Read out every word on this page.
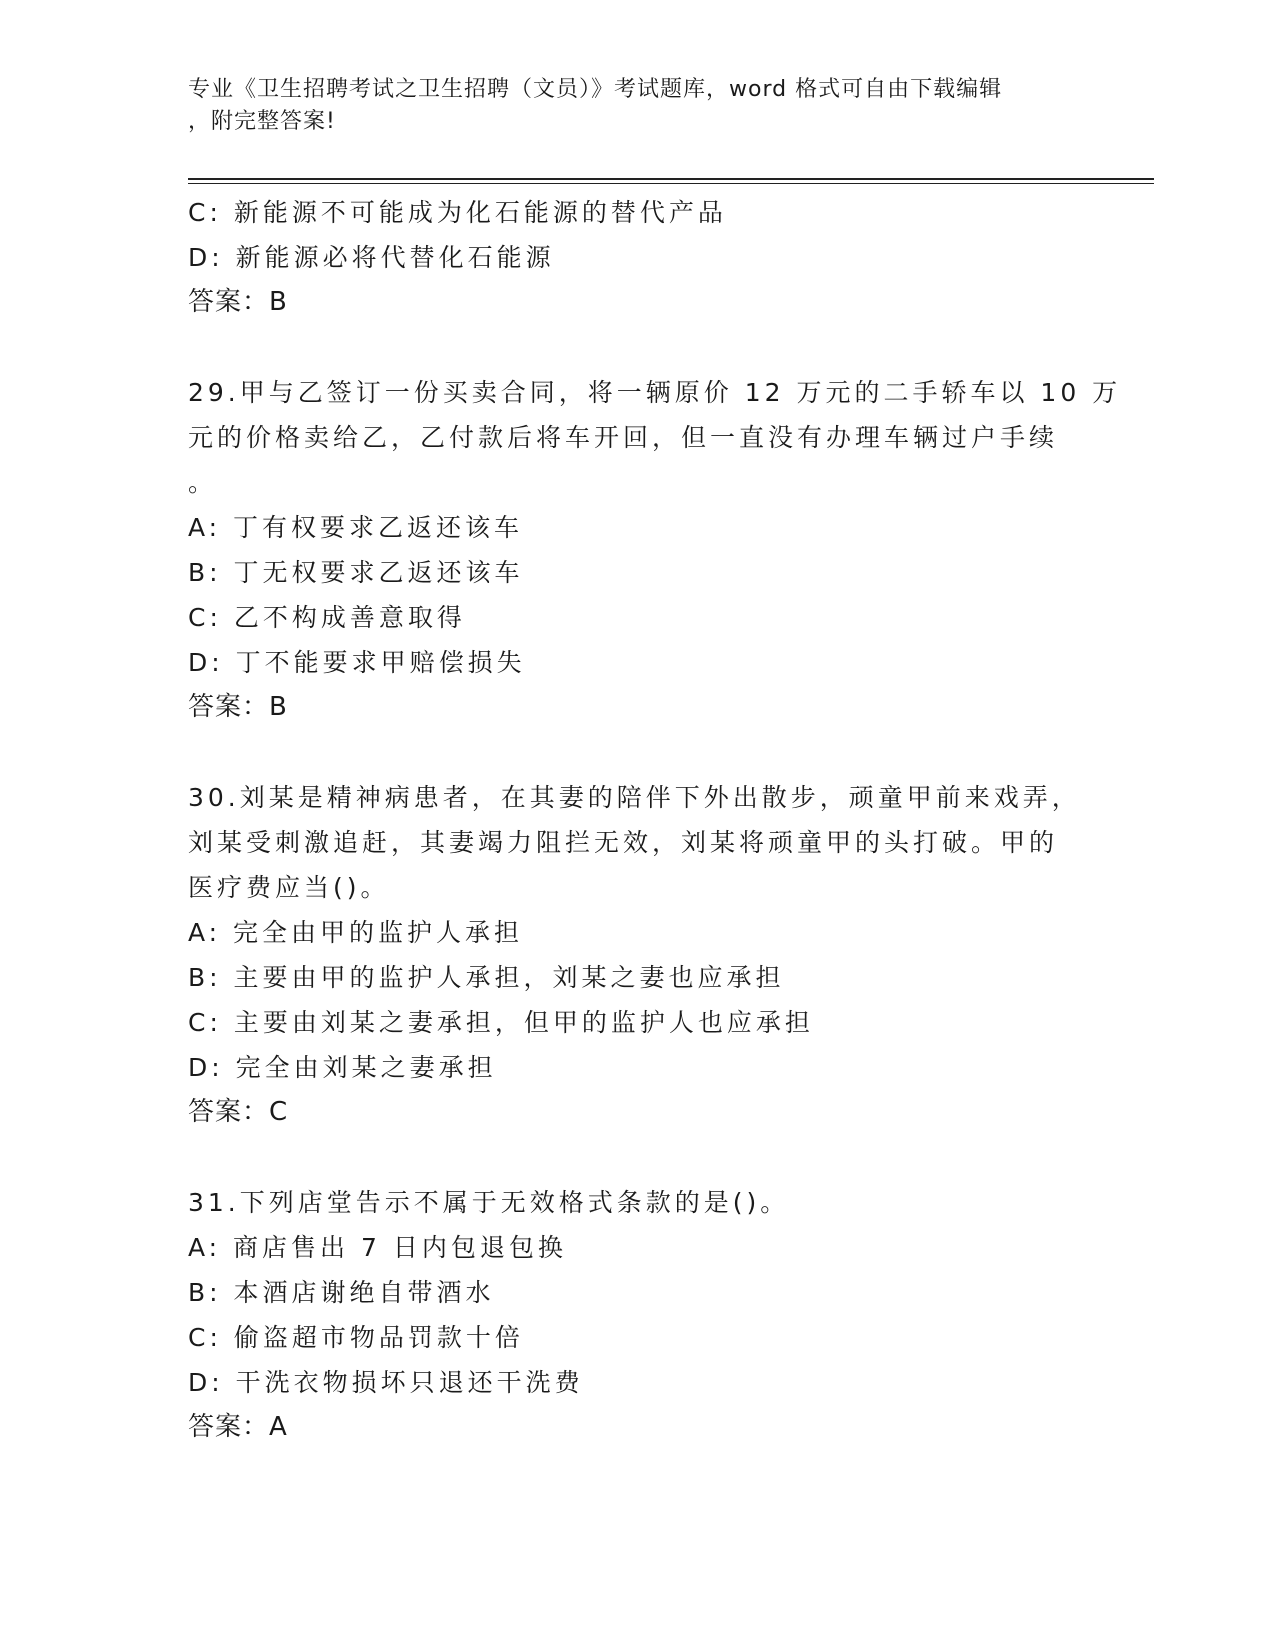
专业《卫生招聘考试之卫生招聘（文员）》考试题库，word 格式可自由下载编辑
，附完整答案!
C: 新能源不可能成为化石能源的替代产品
D: 新能源必将代替化石能源
答案：B
29.甲与乙签订一份买卖合同，将一辆原价 12 万元的二手轿车以 10 万
元的价格卖给乙，乙付款后将车开回，但一直没有办理车辆过户手续
。
A: 丁有权要求乙返还该车
B: 丁无权要求乙返还该车
C: 乙不构成善意取得
D: 丁不能要求甲赔偿损失
答案：B
30.刘某是精神病患者，在其妻的陪伴下外出散步，顽童甲前来戏弄，
刘某受刺激追赶，其妻竭力阻拦无效，刘某将顽童甲的头打破。甲的
医疗费应当()。
A: 完全由甲的监护人承担
B: 主要由甲的监护人承担，刘某之妻也应承担
C: 主要由刘某之妻承担，但甲的监护人也应承担
D: 完全由刘某之妻承担
答案：C
31.下列店堂告示不属于无效格式条款的是()。
A: 商店售出 7 日内包退包换
B: 本酒店谢绝自带酒水
C: 偷盗超市物品罚款十倍
D: 干洗衣物损坏只退还干洗费
答案：A
